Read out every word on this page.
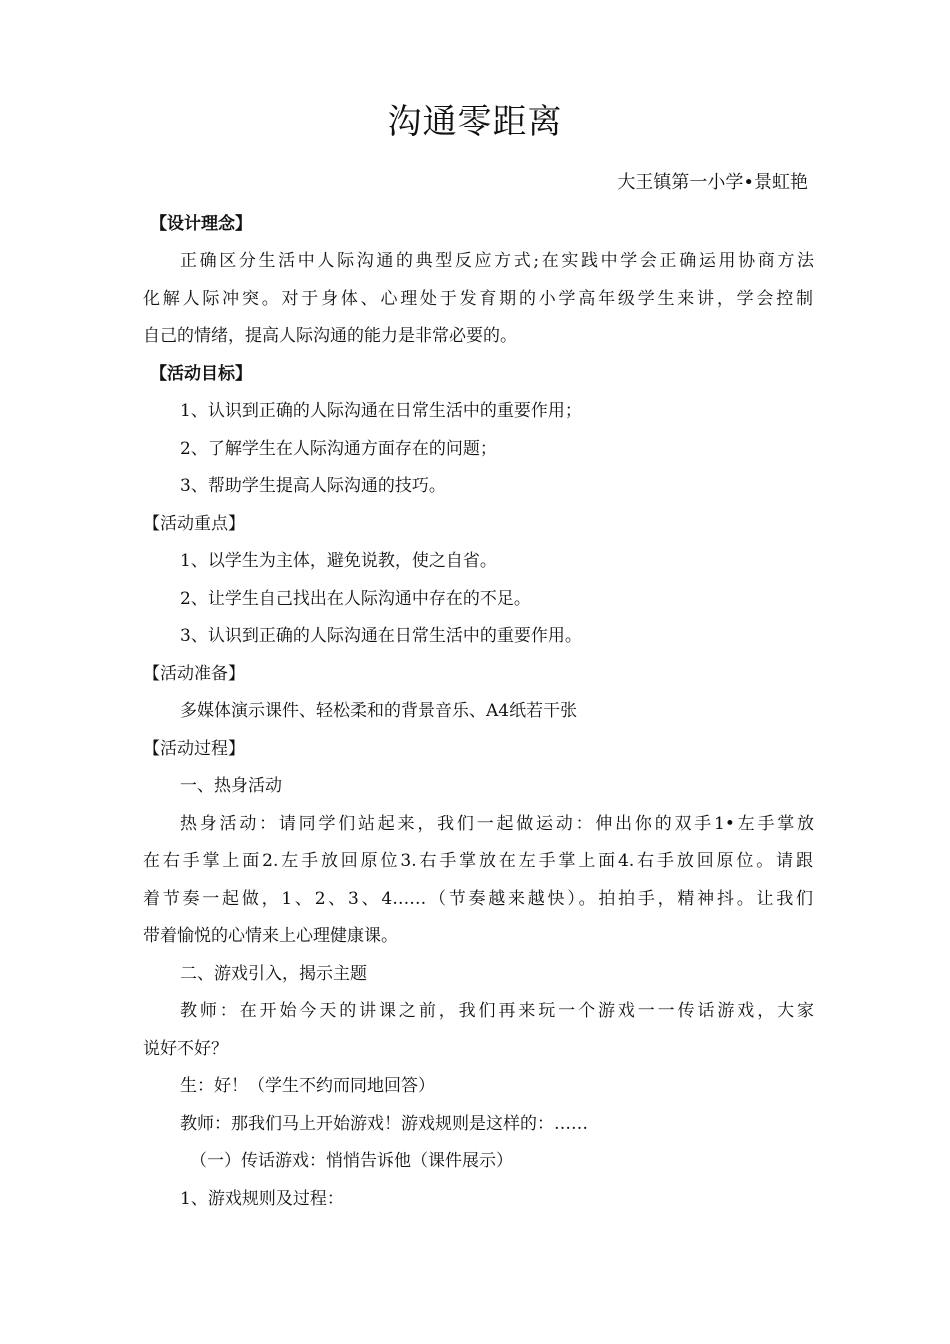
沟通零距离
大王镇第一小学•景虹艳
【设计理念】
正确区分生活中人际沟通的典型反应方式;在实践中学会正确运用协商方法
化解人际冲突。对于身体、心理处于发育期的小学高年级学生来讲，学会控制
自己的情绪，提高人际沟通的能力是非常必要的。
【活动目标】
1、认识到正确的人际沟通在日常生活中的重要作用；
2、了解学生在人际沟通方面存在的问题；
3、帮助学生提高人际沟通的技巧。
【活动重点】
1、以学生为主体，避免说教，使之自省。
2、让学生自己找出在人际沟通中存在的不足。
3、认识到正确的人际沟通在日常生活中的重要作用。
【活动准备】
多媒体演示课件、轻松柔和的背景音乐、A4纸若干张
【活动过程】
一、热身活动
热身活动：请同学们站起来，我们一起做运动：伸出你的双手1•左手掌放
在右手掌上面2.左手放回原位3.右手掌放在左手掌上面4.右手放回原位。请跟
着节奏一起做，1、2、3、4……（节奏越来越快）。拍拍手，精神抖。让我们
带着愉悦的心情来上心理健康课。
二、游戏引入，揭示主题
教师：在开始今天的讲课之前，我们再来玩一个游戏一一传话游戏，大家
说好不好？
生：好！（学生不约而同地回答）
教师：那我们马上开始游戏！游戏规则是这样的：……
（一）传话游戏：悄悄告诉他（课件展示）
1、游戏规则及过程：
